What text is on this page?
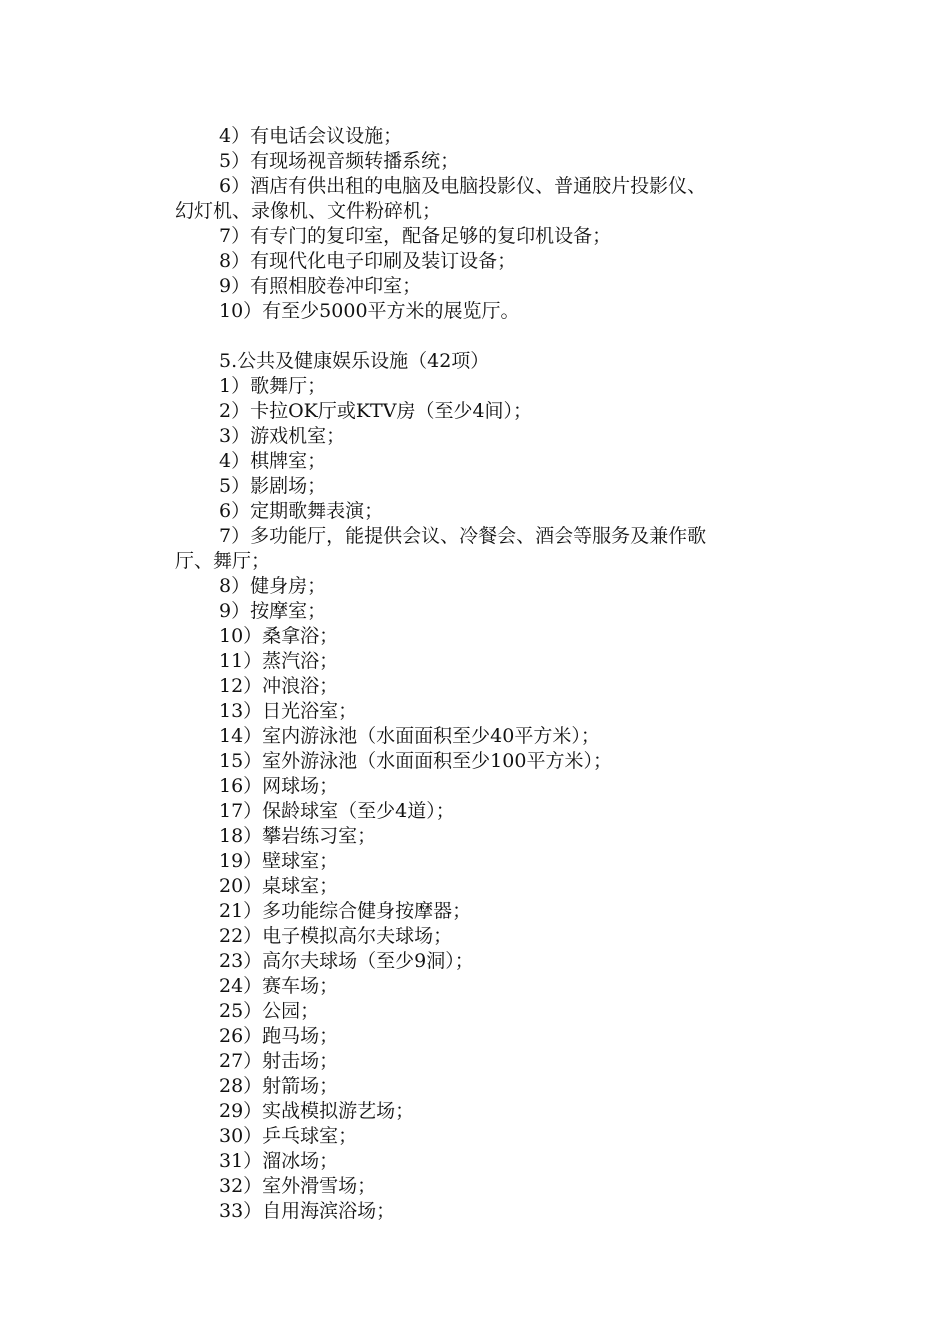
4）有电话会议设施；

5）有现场视音频转播系统；

6）酒店有供出租的电脑及电脑投影仪、普通胶片投影仪、

幻灯机、录像机、文件粉碎机；

7）有专门的复印室，配备足够的复印机设备；

8）有现代化电子印刷及装订设备；

9）有照相胶卷冲印室；

10）有至少5000平方米的展览厅。

5.公共及健康娱乐设施（42项）

1）歌舞厅；

2）卡拉OK厅或KTV房（至少4间）；

3）游戏机室；

4）棋牌室；

5）影剧场；

6）定期歌舞表演；

7）多功能厅，能提供会议、冷餐会、酒会等服务及兼作歌

厅、舞厅；

8）健身房；

9）按摩室；

10）桑拿浴；

11）蒸汽浴；

12）冲浪浴；

13）日光浴室；

14）室内游泳池（水面面积至少40平方米）；

15）室外游泳池（水面面积至少100平方米）；

16）网球场；

17）保龄球室（至少4道）；

18）攀岩练习室；

19）壁球室；

20）桌球室；

21）多功能综合健身按摩器；

22）电子模拟高尔夫球场；

23）高尔夫球场（至少9洞）；

24）赛车场；

25）公园；

26）跑马场；

27）射击场；

28）射箭场；

29）实战模拟游艺场；

30）乒乓球室；

31）溜冰场；

32）室外滑雪场；

33）自用海滨浴场；
